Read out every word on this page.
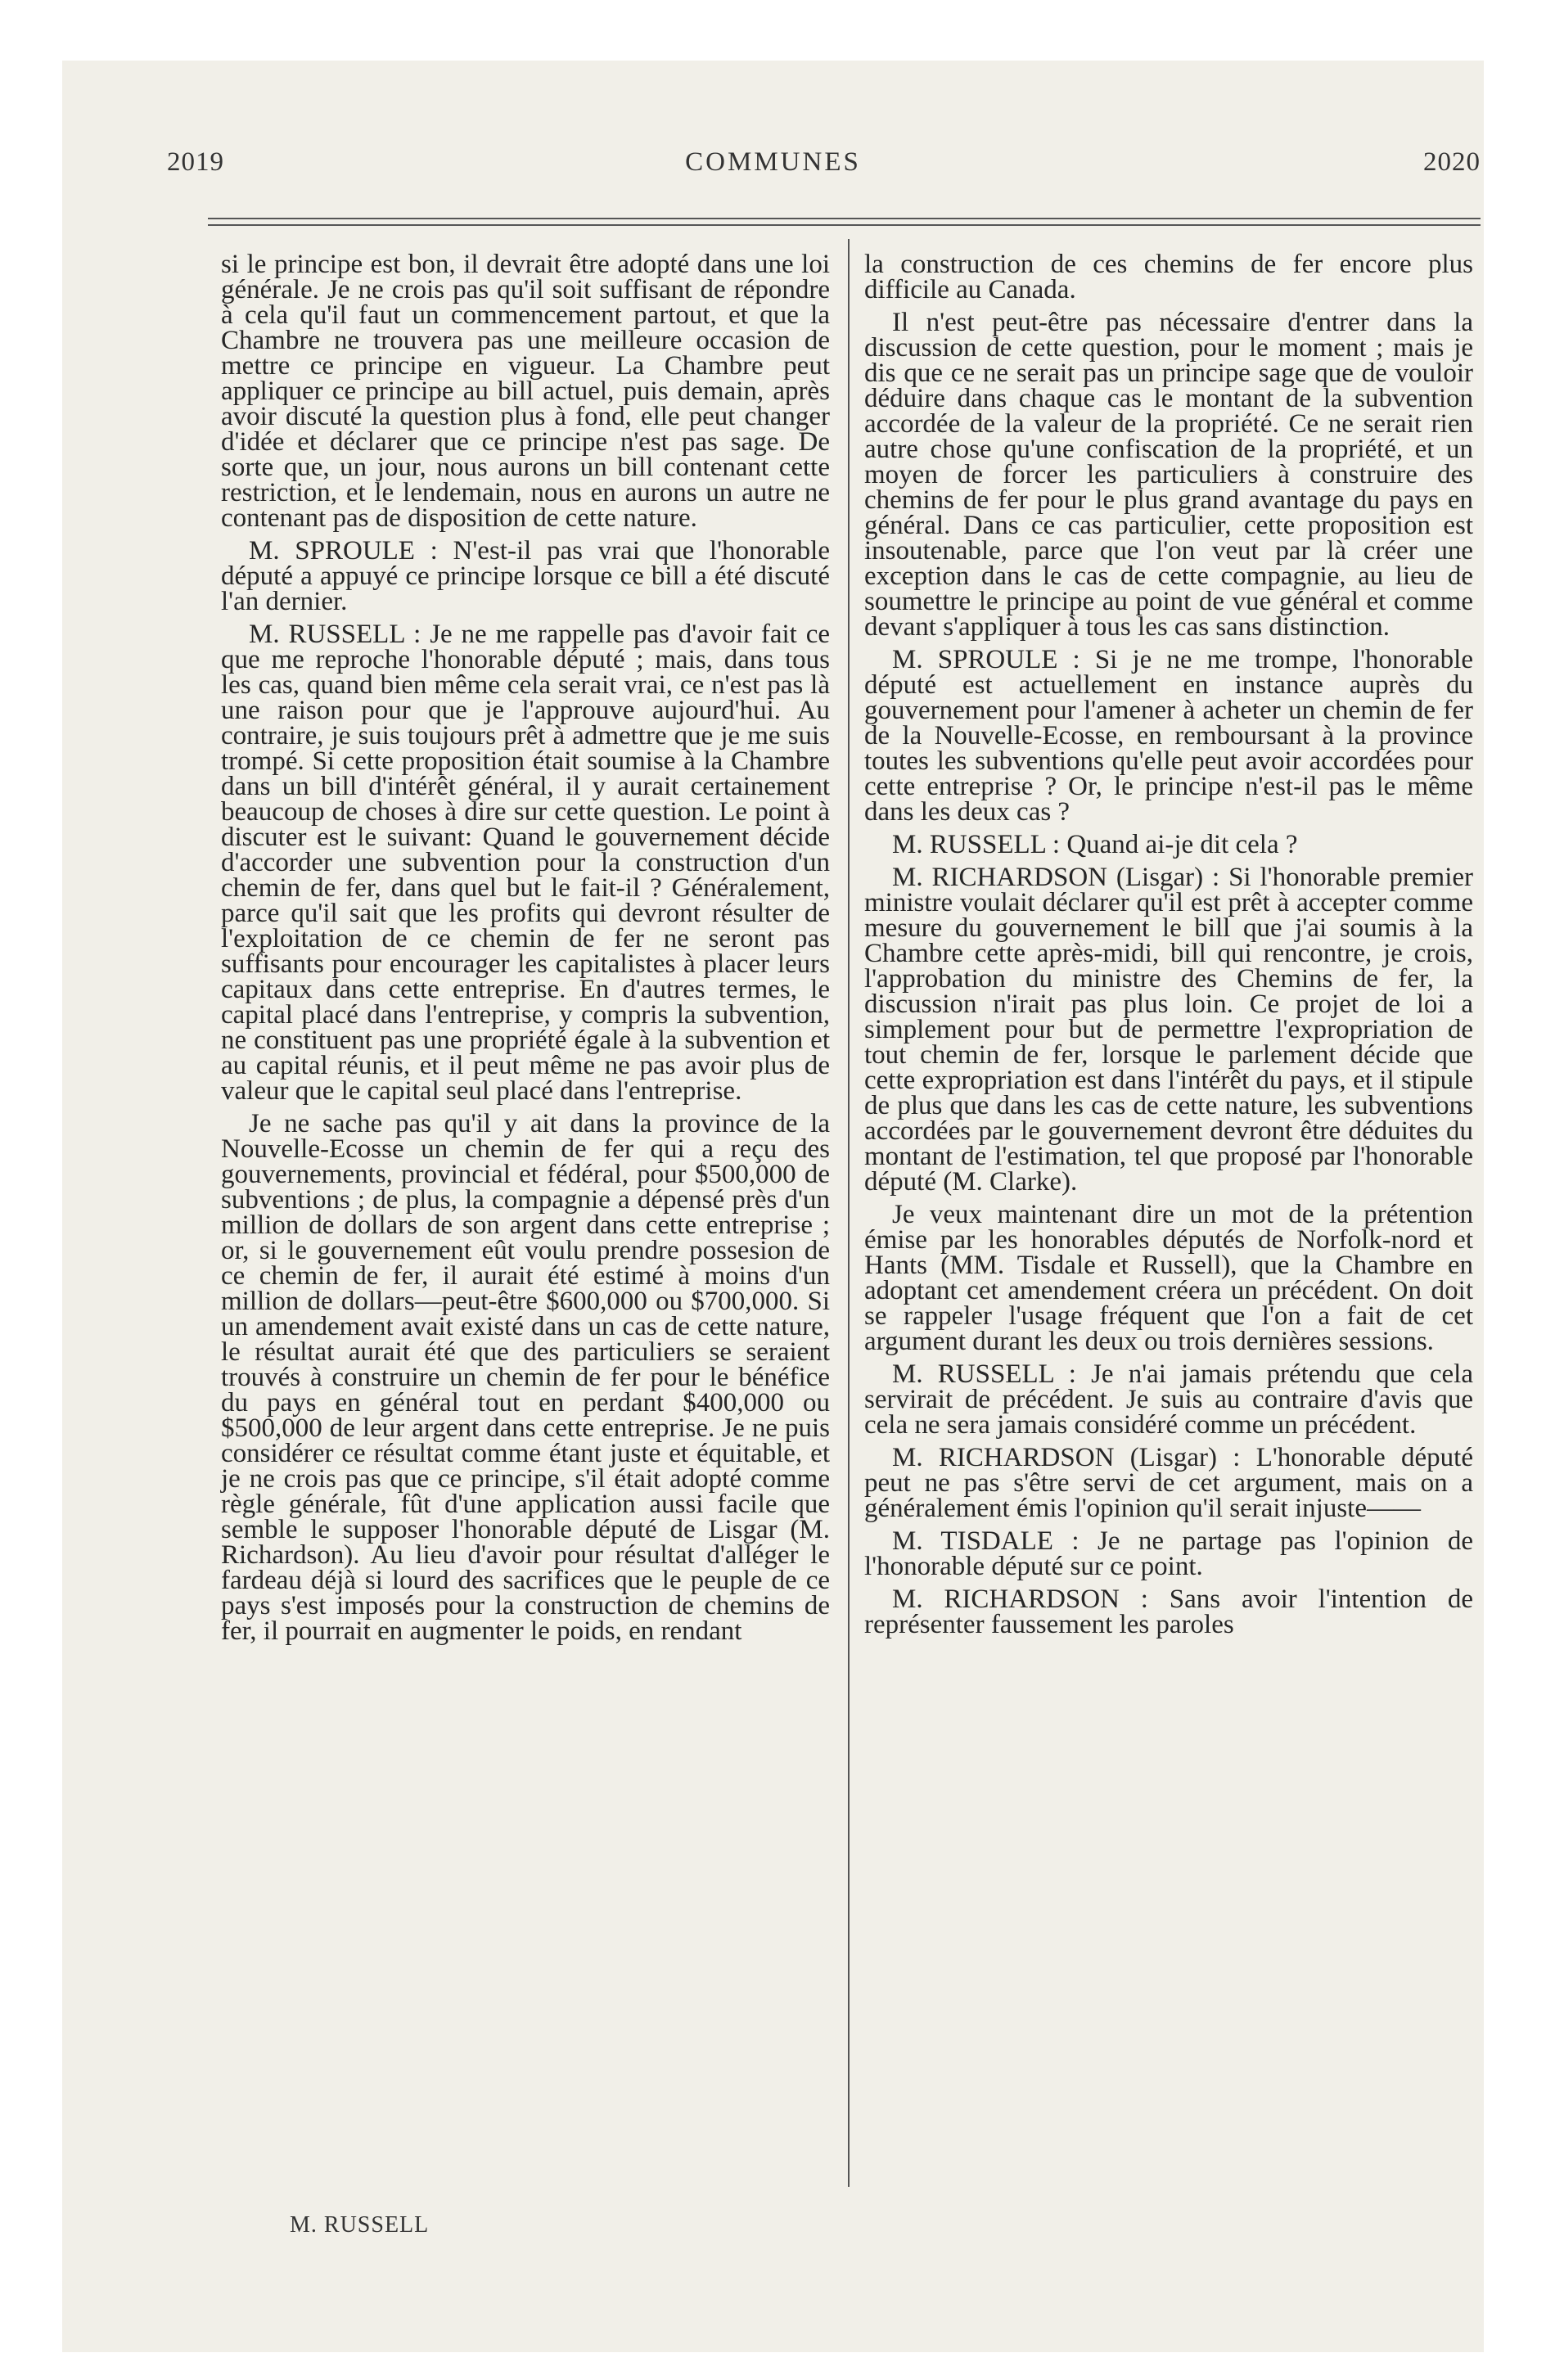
2019	COMMUNES	2020

si le principe est bon, il devrait être adopté dans une loi générale. Je ne crois pas qu'il soit suffisant de répondre à cela qu'il faut un commencement partout, et que la Chambre ne trouvera pas une meilleure occasion de mettre ce principe en vigueur. La Chambre peut appliquer ce principe au bill actuel, puis demain, après avoir discuté la question plus à fond, elle peut changer d'idée et déclarer que ce principe n'est pas sage. De sorte que, un jour, nous aurons un bill contenant cette restriction, et le lendemain, nous en aurons un autre ne contenant pas de disposition de cette nature.

M. SPROULE : N'est-il pas vrai que l'honorable député a appuyé ce principe lorsque ce bill a été discuté l'an dernier.

M. RUSSELL : Je ne me rappelle pas d'avoir fait ce que me reproche l'honorable député ; mais, dans tous les cas, quand bien même cela serait vrai, ce n'est pas là une raison pour que je l'approuve aujourd'hui. Au contraire, je suis toujours prêt à admettre que je me suis trompé. Si cette proposition était soumise à la Chambre dans un bill d'intérêt général, il y aurait certainement beaucoup de choses à dire sur cette question. Le point à discuter est le suivant: Quand le gouvernement décide d'accorder une subvention pour la construction d'un chemin de fer, dans quel but le fait-il ? Généralement, parce qu'il sait que les profits qui devront résulter de l'exploitation de ce chemin de fer ne seront pas suffisants pour encourager les capitalistes à placer leurs capitaux dans cette entreprise. En d'autres termes, le capital placé dans l'entreprise, y compris la subvention, ne constituent pas une propriété égale à la subvention et au capital réunis, et il peut même ne pas avoir plus de valeur que le capital seul placé dans l'entreprise.

Je ne sache pas qu'il y ait dans la province de la Nouvelle-Ecosse un chemin de fer qui a reçu des gouvernements, provincial et fédéral, pour $500,000 de subventions ; de plus, la compagnie a dépensé près d'un million de dollars de son argent dans cette entreprise ; or, si le gouvernement eût voulu prendre possesion de ce chemin de fer, il aurait été estimé à moins d'un million de dollars—peut-être $600,000 ou $700,000. Si un amendement avait existé dans un cas de cette nature, le résultat aurait été que des particuliers se seraient trouvés à construire un chemin de fer pour le bénéfice du pays en général tout en perdant $400,000 ou $500,000 de leur argent dans cette entreprise. Je ne puis considérer ce résultat comme étant juste et équitable, et je ne crois pas que ce principe, s'il était adopté comme règle générale, fût d'une application aussi facile que semble le supposer l'honorable député de Lisgar (M. Richardson). Au lieu d'avoir pour résultat d'alléger le fardeau déjà si lourd des sacrifices que le peuple de ce pays s'est imposés pour la construction de chemins de fer, il pourrait en augmenter le poids, en rendant

la construction de ces chemins de fer encore plus difficile au Canada.

Il n'est peut-être pas nécessaire d'entrer dans la discussion de cette question, pour le moment ; mais je dis que ce ne serait pas un principe sage que de vouloir déduire dans chaque cas le montant de la subvention accordée de la valeur de la propriété. Ce ne serait rien autre chose qu'une confiscation de la propriété, et un moyen de forcer les particuliers à construire des chemins de fer pour le plus grand avantage du pays en général. Dans ce cas particulier, cette proposition est insoutenable, parce que l'on veut par là créer une exception dans le cas de cette compagnie, au lieu de soumettre le principe au point de vue général et comme devant s'appliquer à tous les cas sans distinction.

M. SPROULE : Si je ne me trompe, l'honorable député est actuellement en instance auprès du gouvernement pour l'amener à acheter un chemin de fer de la Nouvelle-Ecosse, en remboursant à la province toutes les subventions qu'elle peut avoir accordées pour cette entreprise ? Or, le principe n'est-il pas le même dans les deux cas ?

M. RUSSELL : Quand ai-je dit cela ?

M. RICHARDSON (Lisgar) : Si l'honorable premier ministre voulait déclarer qu'il est prêt à accepter comme mesure du gouvernement le bill que j'ai soumis à la Chambre cette après-midi, bill qui rencontre, je crois, l'approbation du ministre des Chemins de fer, la discussion n'irait pas plus loin. Ce projet de loi a simplement pour but de permettre l'expropriation de tout chemin de fer, lorsque le parlement décide que cette expropriation est dans l'intérêt du pays, et il stipule de plus que dans les cas de cette nature, les subventions accordées par le gouvernement devront être déduites du montant de l'estimation, tel que proposé par l'honorable député (M. Clarke).

Je veux maintenant dire un mot de la prétention émise par les honorables députés de Norfolk-nord et Hants (MM. Tisdale et Russell), que la Chambre en adoptant cet amendement créera un précédent. On doit se rappeler l'usage fréquent que l'on a fait de cet argument durant les deux ou trois dernières sessions.

M. RUSSELL : Je n'ai jamais prétendu que cela servirait de précédent. Je suis au contraire d'avis que cela ne sera jamais considéré comme un précédent.

M. RICHARDSON (Lisgar) : L'honorable député peut ne pas s'être servi de cet argument, mais on a généralement émis l'opinion qu'il serait injuste——

M. TISDALE : Je ne partage pas l'opinion de l'honorable député sur ce point.

M. RICHARDSON : Sans avoir l'intention de représenter faussement les paroles

M. RUSSELL
